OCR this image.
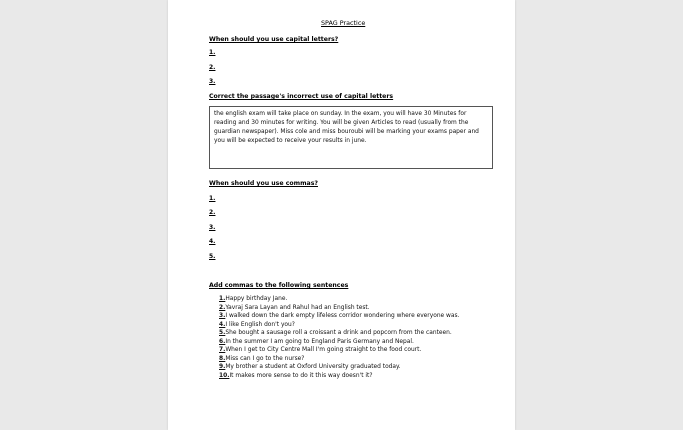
SPAG Practice
When should you use capital letters?
1.
2.
3.
Correct the passage's incorrect use of capital letters
the english exam will take place on sunday. In the exam, you will have 30 Minutes for reading and 30 minutes for writing. You will be given Articles to read (usually from the guardian newspaper). Miss cole and miss bouroubi will be marking your exams paper and you will be expected to receive your results in june.
When should you use commas?
1.
2.
3.
4.
5.
Add commas to the following sentences
1.Happy birthday Jane.
2.Yavraj Sara Layan and Rahul had an English test.
3.I walked down the dark empty lifeless corridor wondering where everyone was.
4.I like English don't you?
5.She bought a sausage roll a croissant a drink and popcorn from the canteen.
6.In the summer I am going to England Paris Germany and Nepal.
7.When I get to City Centre Mall I'm going straight to the food court.
8.Miss can I go to the nurse?
9.My brother a student at Oxford University graduated today.
10.It makes more sense to do it this way doesn't it?
